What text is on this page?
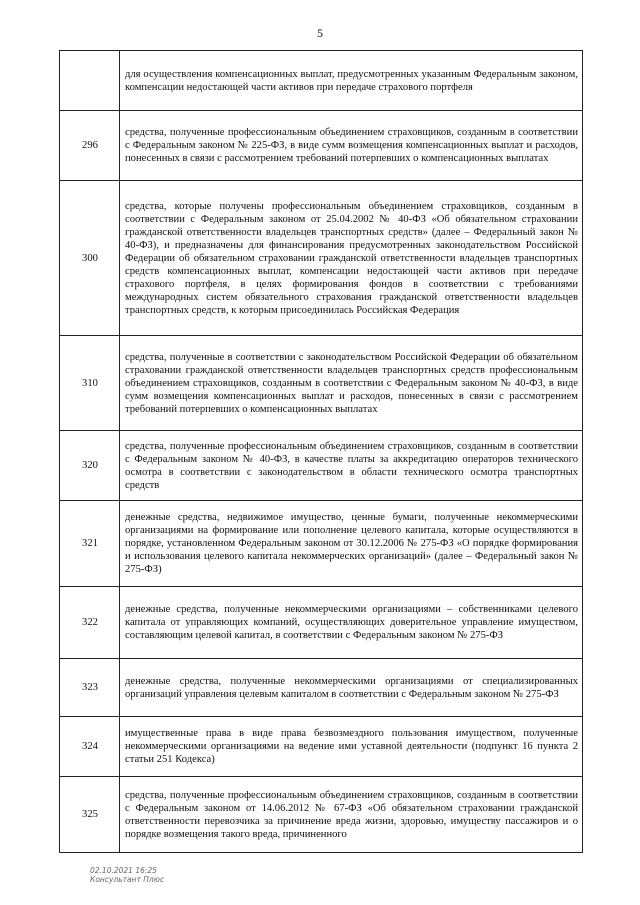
5
	для осуществления компенсационных выплат, предусмотренных указанным Федеральным законом, компенсации недостающей части активов при передаче страхового портфеля
296	средства, полученные профессиональным объединением страховщиков, созданным в соответствии с Федеральным законом № 225-ФЗ, в виде сумм возмещения компенсационных выплат и расходов, понесенных в связи с рассмотрением требований потерпевших о компенсационных выплатах
300	средства, которые получены профессиональным объединением страховщиков, созданным в соответствии с Федеральным законом от 25.04.2002 № 40-ФЗ «Об обязательном страховании гражданской ответственности владельцев транспортных средств» (далее – Федеральный закон № 40-ФЗ), и предназначены для финансирования предусмотренных законодательством Российской Федерации об обязательном страховании гражданской ответственности владельцев транспортных средств компенсационных выплат, компенсации недостающей части активов при передаче страхового портфеля, в целях формирования фондов в соответствии с требованиями международных систем обязательного страхования гражданской ответственности владельцев транспортных средств, к которым присоединилась Российская Федерация
310	средства, полученные в соответствии с законодательством Российской Федерации об обязательном страховании гражданской ответственности владельцев транспортных средств профессиональным объединением страховщиков, созданным в соответствии с Федеральным законом № 40-ФЗ, в виде сумм возмещения компенсационных выплат и расходов, понесенных в связи с рассмотрением требований потерпевших о компенсационных выплатах
320	средства, полученные профессиональным объединением страховщиков, созданным в соответствии с Федеральным законом № 40-ФЗ, в качестве платы за аккредитацию операторов технического осмотра в соответствии с законодательством в области технического осмотра транспортных средств
321	денежные средства, недвижимое имущество, ценные бумаги, полученные некоммерческими организациями на формирование или пополнение целевого капитала, которые осуществляются в порядке, установленном Федеральным законом от 30.12.2006 № 275-ФЗ «О порядке формирования и использования целевого капитала некоммерческих организаций» (далее – Федеральный закон № 275-ФЗ)
322	денежные средства, полученные некоммерческими организациями – собственниками целевого капитала от управляющих компаний, осуществляющих доверительное управление имуществом, составляющим целевой капитал, в соответствии с Федеральным законом № 275-ФЗ
323	денежные средства, полученные некоммерческими организациями от специализированных организаций управления целевым капиталом в соответствии с Федеральным законом № 275-ФЗ
324	имущественные права в виде права безвозмездного пользования имуществом, полученные некоммерческими организациями на ведение ими уставной деятельности (подпункт 16 пункта 2 статьи 251 Кодекса)
325	средства, полученные профессиональным объединением страховщиков, созданным в соответствии с Федеральным законом от 14.06.2012 № 67-ФЗ «Об обязательном страховании гражданской ответственности перевозчика за причинение вреда жизни, здоровью, имуществу пассажиров и о порядке возмещения такого вреда, причиненного
02.10.2021 16:25
Консультант Плюс
